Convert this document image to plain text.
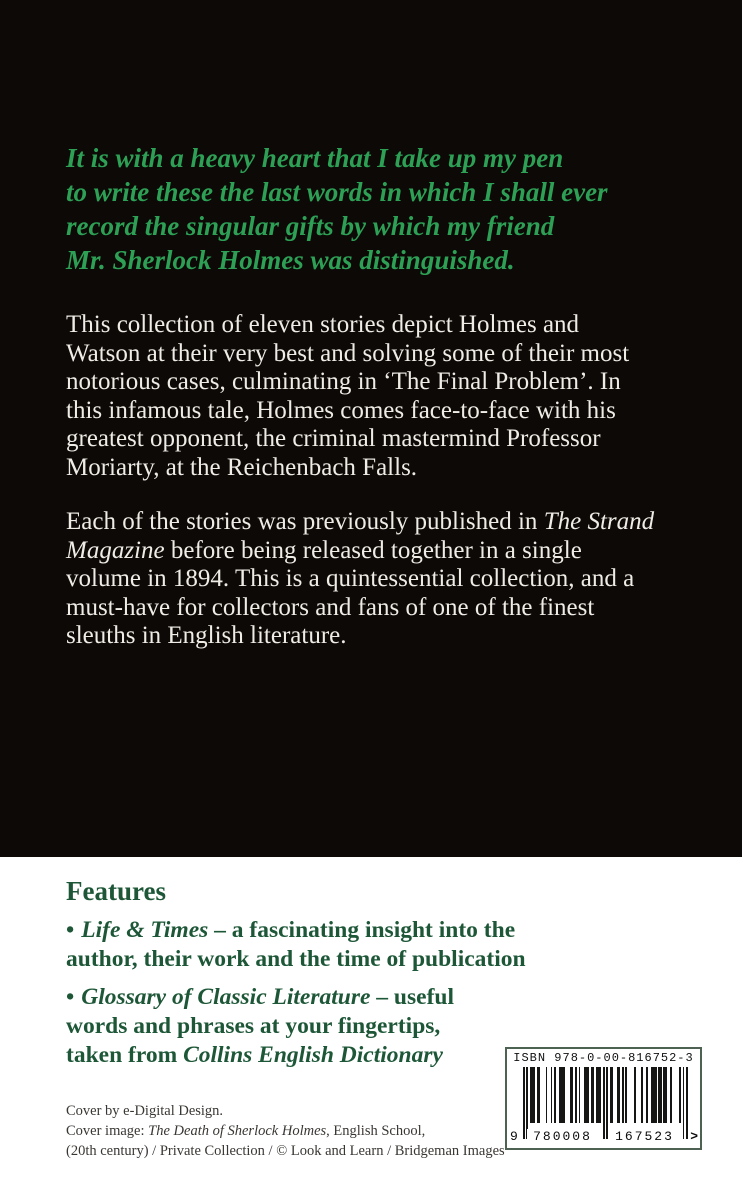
It is with a heavy heart that I take up my pen
to write these the last words in which I shall ever
record the singular gifts by which my friend
Mr. Sherlock Holmes was distinguished.
This collection of eleven stories depict Holmes and
Watson at their very best and solving some of their most
notorious cases, culminating in ‘The Final Problem’. In
this infamous tale, Holmes comes face-to-face with his
greatest opponent, the criminal mastermind Professor
Moriarty, at the Reichenbach Falls.
Each of the stories was previously published in The Strand
Magazine before being released together in a single
volume in 1894. This is a quintessential collection, and a
must-have for collectors and fans of one of the finest
sleuths in English literature.
Features

• Life & Times – a fascinating insight into the
author, their work and the time of publication

• Glossary of Classic Literature – useful
words and phrases at your fingertips,
taken from Collins English Dictionary

Cover by e-Digital Design.
Cover image: The Death of Sherlock Holmes, English School,
(20th century) / Private Collection / © Look and Learn / Bridgeman Images
ISBN 978-0-00-816752-3
9	780008	167523	>
